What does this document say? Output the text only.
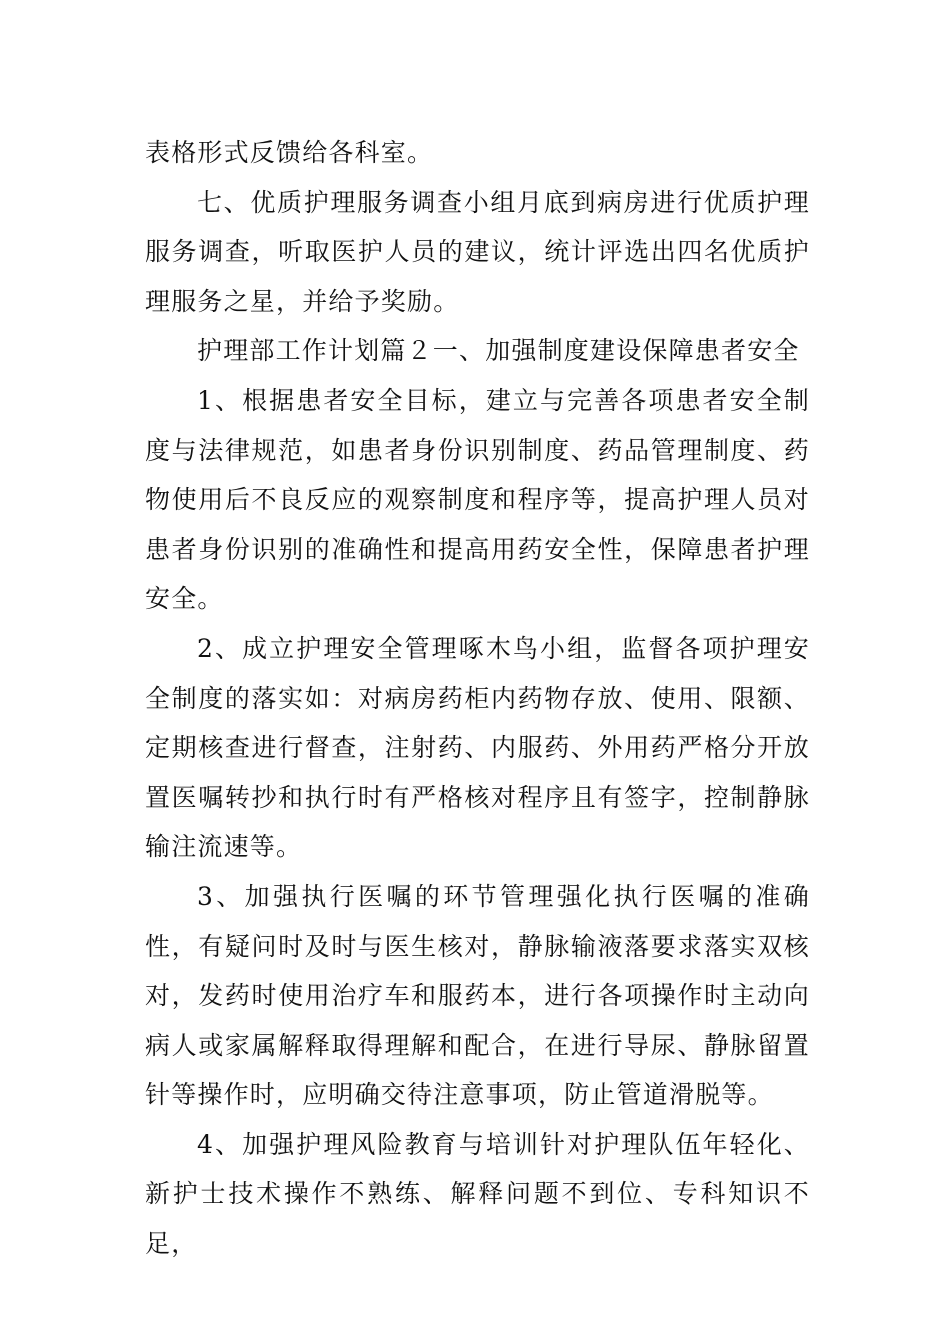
表格形式反馈给各科室。

七、优质护理服务调查小组月底到病房进行优质护理服务调查，听取医护人员的建议，统计评选出四名优质护理服务之星，并给予奖励。

护理部工作计划篇２一、加强制度建设保障患者安全

1、根据患者安全目标，建立与完善各项患者安全制度与法律规范，如患者身份识别制度、药品管理制度、药物使用后不良反应的观察制度和程序等，提高护理人员对患者身份识别的准确性和提高用药安全性，保障患者护理安全。

2、成立护理安全管理啄木鸟小组，监督各项护理安全制度的落实如：对病房药柜内药物存放、使用、限额、定期核查进行督查，注射药、内服药、外用药严格分开放置医嘱转抄和执行时有严格核对程序且有签字，控制静脉输注流速等。

3、加强执行医嘱的环节管理强化执行医嘱的准确性，有疑问时及时与医生核对，静脉输液落要求落实双核对，发药时使用治疗车和服药本，进行各项操作时主动向病人或家属解释取得理解和配合，在进行导尿、静脉留置针等操作时，应明确交待注意事项，防止管道滑脱等。

4、加强护理风险教育与培训针对护理队伍年轻化、新护士技术操作不熟练、解释问题不到位、专科知识不足，
